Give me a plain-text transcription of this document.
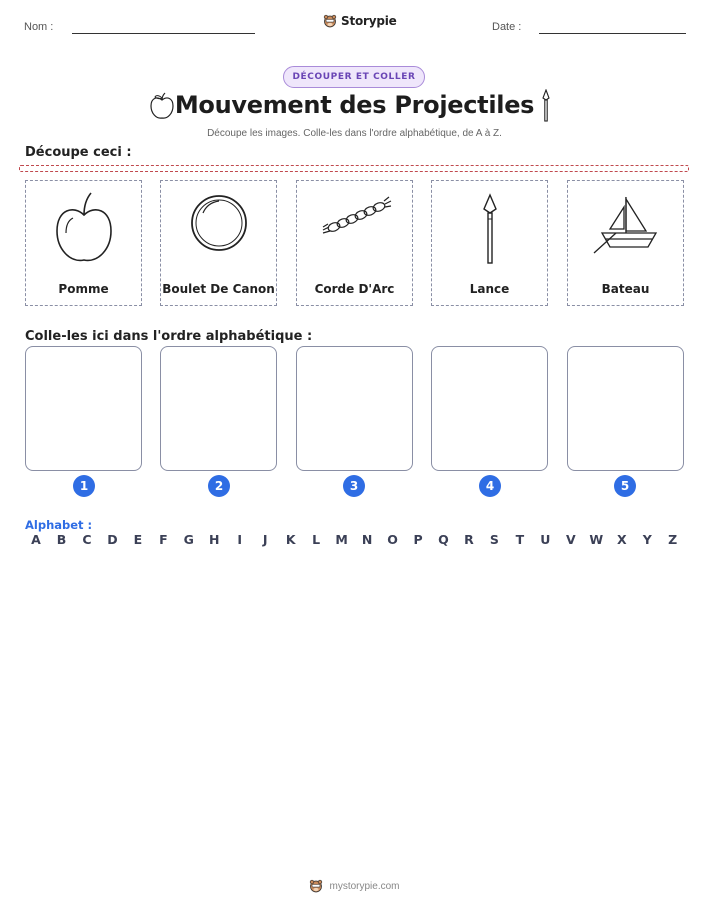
Nom :	Storypie	Date :
DÉCOUPER ET COLLER
Mouvement des Projectiles
Découpe les images. Colle-les dans l'ordre alphabétique, de A à Z.
Découpe ceci :
Pomme	Boulet De Canon	Corde D'Arc	Lance	Bateau
Colle-les ici dans l'ordre alphabétique :
1	2	3	4	5
Alphabet :
A	B	C	D	E	F	G	H	I	J	K	L	M	N	O	P	Q	R	S	T	U	V	W	X	Y	Z
mystorypie.com
